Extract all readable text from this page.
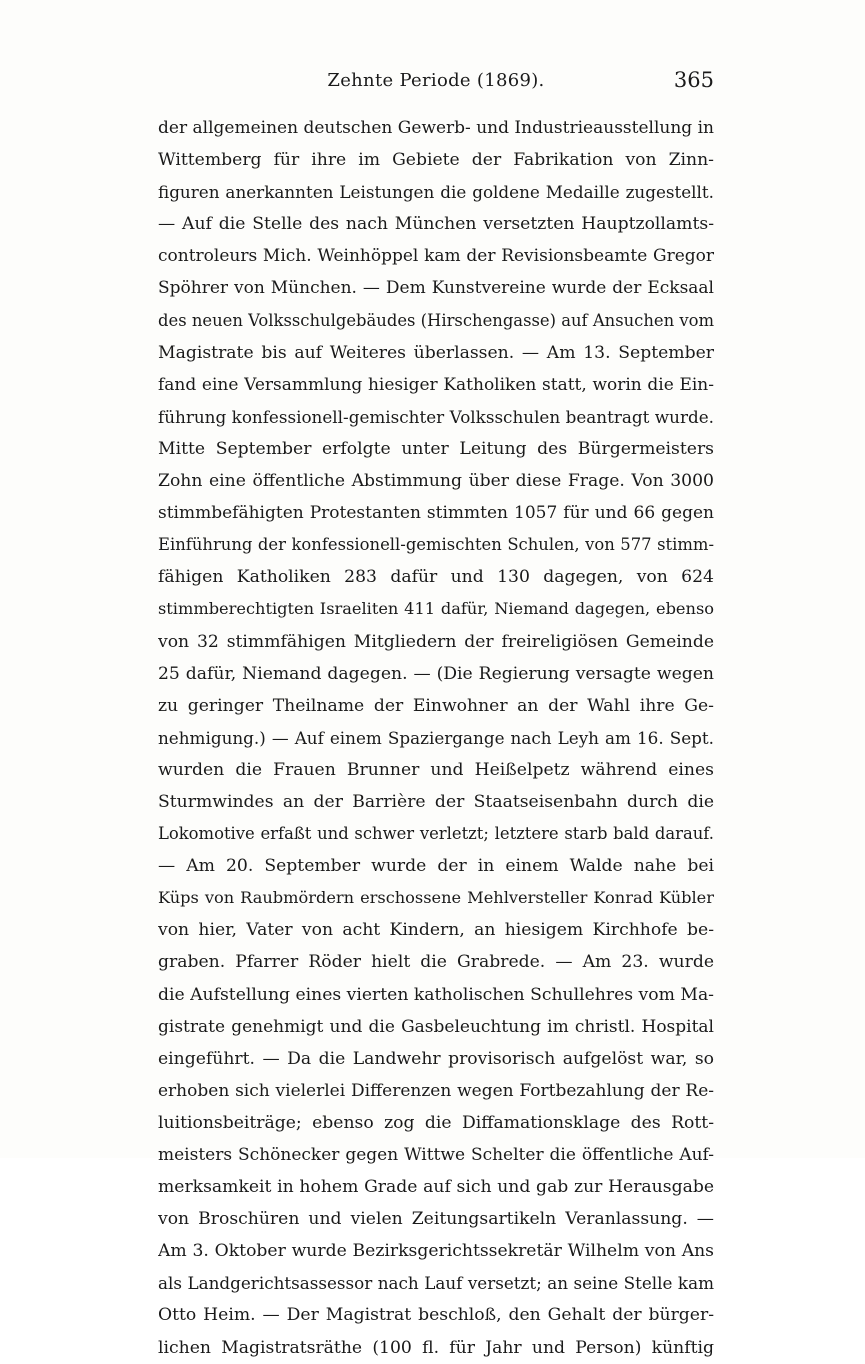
Zehnte Periode (1869).	365
der allgemeinen deutschen Gewerb- und Industrieausstellung in
Wittemberg für ihre im Gebiete der Fabrikation von Zinn-
figuren anerkannten Leistungen die goldene Medaille zugestellt.
— Auf die Stelle des nach München versetzten Hauptzollamts-
controleurs Mich. Weinhöppel kam der Revisionsbeamte Gregor
Spöhrer von München. — Dem Kunstvereine wurde der Ecksaal
des neuen Volksschulgebäudes (Hirschengasse) auf Ansuchen vom
Magistrate bis auf Weiteres überlassen. — Am 13. September
fand eine Versammlung hiesiger Katholiken statt, worin die Ein-
führung konfessionell-gemischter Volksschulen beantragt wurde.
Mitte September erfolgte unter Leitung des Bürgermeisters
Zohn eine öffentliche Abstimmung über diese Frage. Von 3000
stimmbefähigten Protestanten stimmten 1057 für und 66 gegen
Einführung der konfessionell-gemischten Schulen, von 577 stimm-
fähigen Katholiken 283 dafür und 130 dagegen, von 624
stimmberechtigten Israeliten 411 dafür, Niemand dagegen, ebenso
von 32 stimmfähigen Mitgliedern der freireligiösen Gemeinde
25 dafür, Niemand dagegen. — (Die Regierung versagte wegen
zu geringer Theilname der Einwohner an der Wahl ihre Ge-
nehmigung.) — Auf einem Spaziergange nach Leyh am 16. Sept.
wurden die Frauen Brunner und Heißelpetz während eines
Sturmwindes an der Barrière der Staatseisenbahn durch die
Lokomotive erfaßt und schwer verletzt; letztere starb bald darauf.
— Am 20. September wurde der in einem Walde nahe bei
Küps von Raubmördern erschossene Mehlversteller Konrad Kübler
von hier, Vater von acht Kindern, an hiesigem Kirchhofe be-
graben. Pfarrer Röder hielt die Grabrede. — Am 23. wurde
die Aufstellung eines vierten katholischen Schullehres vom Ma-
gistrate genehmigt und die Gasbeleuchtung im christl. Hospital
eingeführt. — Da die Landwehr provisorisch aufgelöst war, so
erhoben sich vielerlei Differenzen wegen Fortbezahlung der Re-
luitionsbeiträge; ebenso zog die Diffamationsklage des Rott-
meisters Schönecker gegen Wittwe Schelter die öffentliche Auf-
merksamkeit in hohem Grade auf sich und gab zur Herausgabe
von Broschüren und vielen Zeitungsartikeln Veranlassung. —
Am 3. Oktober wurde Bezirksgerichtssekretär Wilhelm von Ans
als Landgerichtsassessor nach Lauf versetzt; an seine Stelle kam
Otto Heim. — Der Magistrat beschloß, den Gehalt der bürger-
lichen Magistratsräthe (100 fl. für Jahr und Person) künftig
